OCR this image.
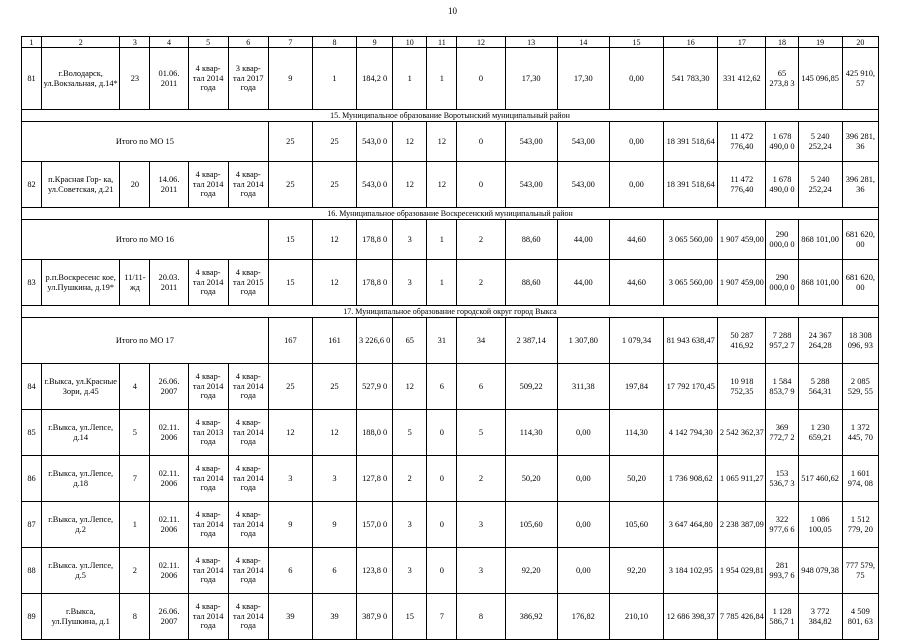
10
1	2	3	4	5	6	7	8	9	10	11	12	13	14	15	16	17	18	19	20
81	г.Володарск, ул.Вокзальная, д.14*	23	01.06. 2011	4 квар- тал 2014 года	3 квар- тал 2017 года	9	1	184,2 0	1	1	0	17,30	17,30	0,00	541 783,30	331 412,62	65 273,8 3	145 096,85	425 910, 57
15. Муниципальное образование Воротынский муниципальный район																			
Итого по МО 15						25	25	543,0 0	12	12	0	543,00	543,00	0,00	18 391 518,64	11 472 776,40	1 678 490,0 0	5 240 252,24	396 281, 36
82	п.Красная Гор- ка, ул.Советская, д.21	20	14.06. 2011	4 квар- тал 2014 года	4 квар- тал 2014 года	25	25	543,0 0	12	12	0	543,00	543,00	0,00	18 391 518,64	11 472 776,40	1 678 490,0 0	5 240 252,24	396 281, 36
16. Муниципальное образование Воскресенский муниципальный район																			
Итого по МО 16						15	12	178,8 0	3	1	2	88,60	44,00	44,60	3 065 560,00	1 907 459,00	290 000,0 0	868 101,00	681 620, 00
83	р.п.Воскресенс кое, ул.Пушкина, д.19*	11/11- жд	20.03. 2011	4 квар- тал 2014 года	4 квар- тал 2015 года	15	12	178,8 0	3	1	2	88,60	44,00	44,60	3 065 560,00	1 907 459,00	290 000,0 0	868 101,00	681 620, 00
17. Муниципальное образование городской округ город Выкса																			
Итого по МО 17						167	161	3 226,6 0	65	31	34	2 387,14	1 307,80	1 079,34	81 943 638,47	50 287 416,92	7 288 957,2 7	24 367 264,28	18 308 096, 93
84	г.Выкса, ул.Красные Зори, д.45	4	26.06. 2007	4 квар- тал 2014 года	4 квар- тал 2014 года	25	25	527,9 0	12	6	6	509,22	311,38	197,84	17 792 170,45	10 918 752,35	1 584 853,7 9	5 288 564,31	2 085 529, 55
85	г.Выкса, ул.Лепсе, д.14	5	02.11. 2006	4 квар- тал 2013 года	4 квар- тал 2014 года	12	12	188,0 0	5	0	5	114,30	0,00	114,30	4 142 794,30	2 542 362,37	369 772,7 2	1 230 659,21	1 372 445, 70
86	г.Выкса, ул.Лепсе, д.18	7	02.11. 2006	4 квар- тал 2014 года	4 квар- тал 2014 года	3	3	127,8 0	2	0	2	50,20	0,00	50,20	1 736 908,62	1 065 911,27	153 536,7 3	517 460,62	1 601 974, 08
87	г.Выкса, ул.Лепсе, д.2	1	02.11. 2006	4 квар- тал 2014 года	4 квар- тал 2014 года	9	9	157,0 0	3	0	3	105,60	0,00	105,60	3 647 464,80	2 238 387,09	322 977,6 6	1 086 100,05	1 512 779, 20
88	г.Выкса. ул.Лепсе, д.5	2	02.11. 2006	4 квар- тал 2014 года	4 квар- тал 2014 года	6	6	123,8 0	3	0	3	92,20	0,00	92,20	3 184 102,95	1 954 029,81	281 993,7 6	948 079,38	777 579, 75
89	г.Выкса, ул.Пушкина, д.1	8	26.06. 2007	4 квар- тал 2014 года	4 квар- тал 2014 года	39	39	387,9 0	15	7	8	386,92	176,82	210,10	12 686 398,37	7 785 426,84	1 128 586,7 1	3 772 384,82	4 509 801, 63
